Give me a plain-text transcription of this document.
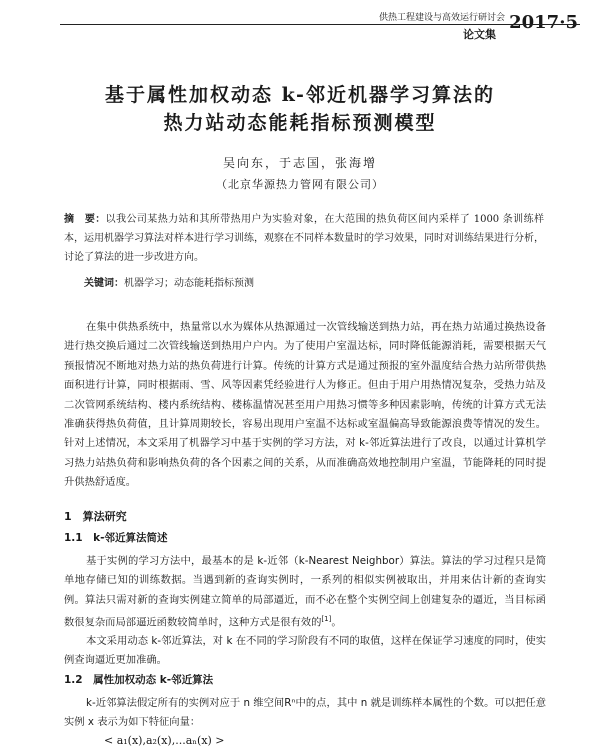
供热工程建设与高效运行研讨会 2017·5
论文集
基于属性加权动态 k-邻近机器学习算法的
热力站动态能耗指标预测模型
吴向东，于志国，张海增
（北京华源热力管网有限公司）
摘　要：以我公司某热力站和其所带热用户为实验对象，在大范围的热负荷区间内采样了 1000 条训练样本，运用机器学习算法对样本进行学习训练，观察在不同样本数量时的学习效果，同时对训练结果进行分析，讨论了算法的进一步改进方向。
关键词：机器学习；动态能耗指标预测
在集中供热系统中，热量常以水为媒体从热源通过一次管线输送到热力站，再在热力站通过换热设备进行热交换后通过二次管线输送到热用户户内。为了使用户室温达标，同时降低能源消耗，需要根据天气预报情况不断地对热力站的热负荷进行计算。传统的计算方式是通过预报的室外温度结合热力站所带供热面积进行计算，同时根据雨、雪、风等因素凭经验进行人为修正。但由于用户用热情况复杂，受热力站及二次管网系统结构、楼内系统结构、楼栋温情况甚至用户用热习惯等多种因素影响，传统的计算方式无法准确获得热负荷值，且计算周期较长，容易出现用户室温不达标或室温偏高导致能源浪费等情况的发生。针对上述情况，本文采用了机器学习中基于实例的学习方法，对 k-邻近算法进行了改良，以通过计算机学习热力站热负荷和影响热负荷的各个因素之间的关系，从而准确高效地控制用户室温，节能降耗的同时提升供热舒适度。
1　算法研究
1.1　k-邻近算法简述
基于实例的学习方法中，最基本的是 k-近邻（k-Nearest Neighbor）算法。算法的学习过程只是简单地存储已知的训练数据。当遇到新的查询实例时，一系列的相似实例被取出，并用来估计新的查询实例。算法只需对新的查询实例建立简单的局部逼近，而不必在整个实例空间上创建复杂的逼近，当目标函数很复杂而局部逼近函数较简单时，这种方式是很有效的[1]。
本文采用动态 k-邻近算法，对 k 在不同的学习阶段有不同的取值，这样在保证学习速度的同时，使实例查询逼近更加准确。
1.2　属性加权动态 k-邻近算法
k-近邻算法假定所有的实例对应于 n 维空间Rⁿ中的点，其中 n 就是训练样本属性的个数。可以把任意实例 x 表示为如下特征向量：
< a₁(x),a₂(x),...aₙ(x) >
